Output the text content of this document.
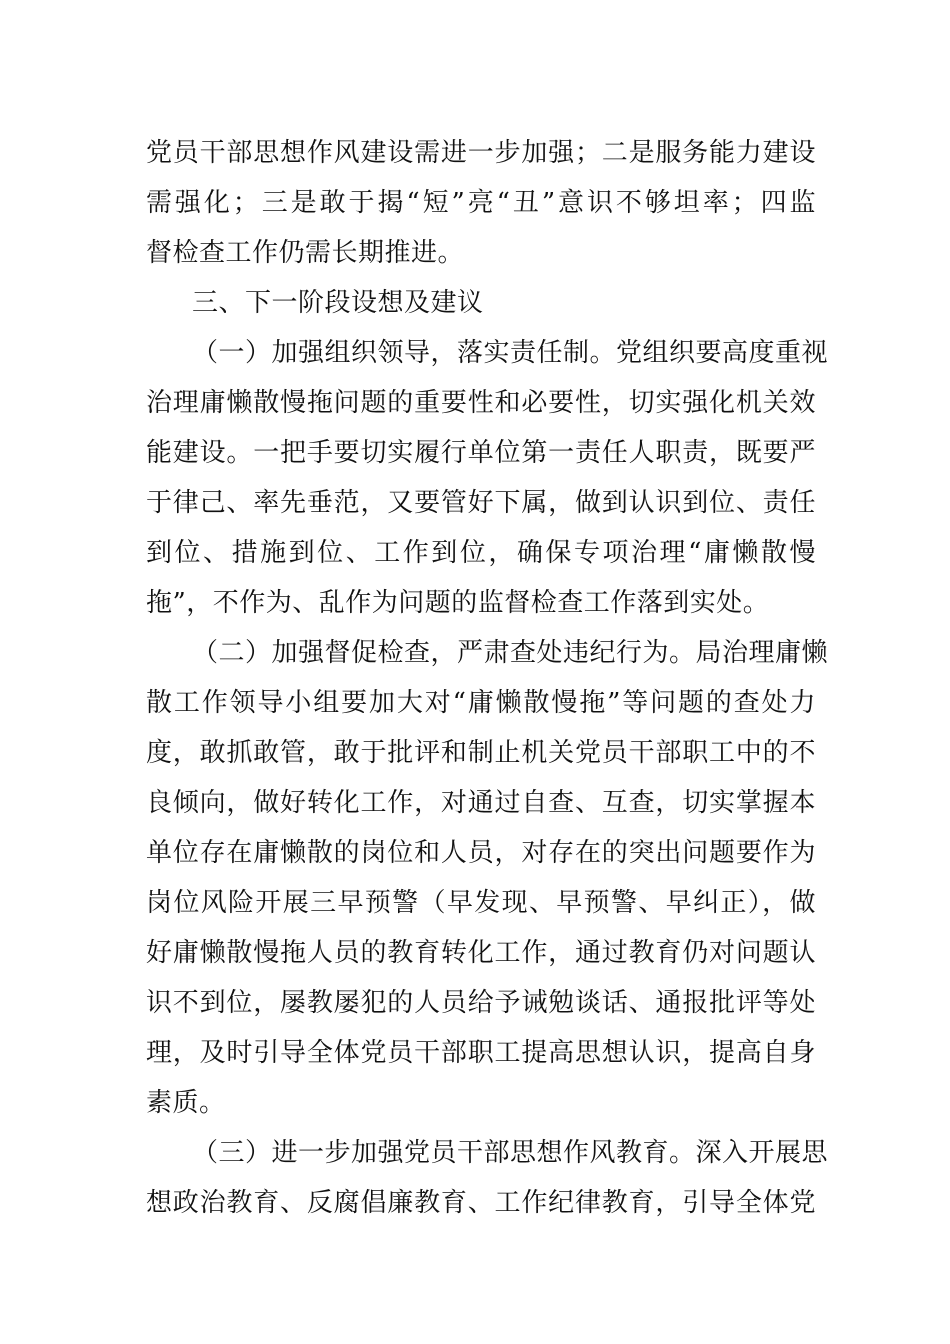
党员干部思想作风建设需进一步加强；二是服务能力建设
需强化；三是敢于揭“短”亮“丑”意识不够坦率；四监
督检查工作仍需长期推进。
三、下一阶段设想及建议
（一）加强组织领导，落实责任制。党组织要高度重视
治理庸懒散慢拖问题的重要性和必要性，切实强化机关效
能建设。一把手要切实履行单位第一责任人职责，既要严
于律己、率先垂范，又要管好下属，做到认识到位、责任
到位、措施到位、工作到位，确保专项治理“庸懒散慢
拖”，不作为、乱作为问题的监督检查工作落到实处。
（二）加强督促检查，严肃查处违纪行为。局治理庸懒
散工作领导小组要加大对“庸懒散慢拖”等问题的查处力
度，敢抓敢管，敢于批评和制止机关党员干部职工中的不
良倾向，做好转化工作，对通过自查、互查，切实掌握本
单位存在庸懒散的岗位和人员，对存在的突出问题要作为
岗位风险开展三早预警（早发现、早预警、早纠正），做
好庸懒散慢拖人员的教育转化工作，通过教育仍对问题认
识不到位，屡教屡犯的人员给予诫勉谈话、通报批评等处
理，及时引导全体党员干部职工提高思想认识，提高自身
素质。
（三）进一步加强党员干部思想作风教育。深入开展思
想政治教育、反腐倡廉教育、工作纪律教育，引导全体党
